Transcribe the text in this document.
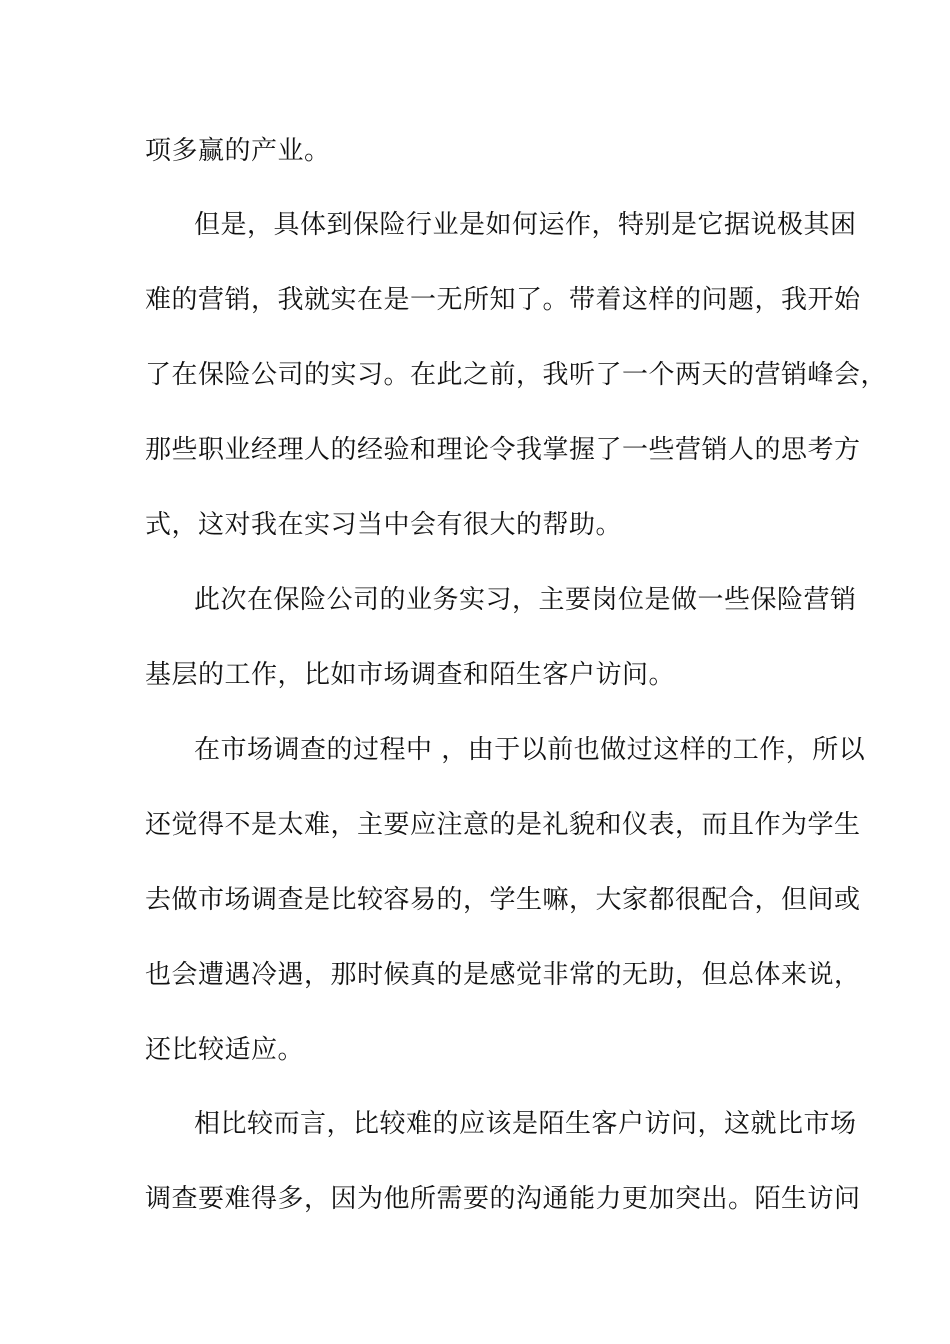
项多赢的产业。
但是，具体到保险行业是如何运作，特别是它据说极其困
难的营销，我就实在是一无所知了。带着这样的问题，我开始
了在保险公司的实习。在此之前，我听了一个两天的营销峰会，
那些职业经理人的经验和理论令我掌握了一些营销人的思考方
式，这对我在实习当中会有很大的帮助。
此次在保险公司的业务实习，主要岗位是做一些保险营销
基层的工作，比如市场调查和陌生客户访问。
在市场调查的过程中 ，由于以前也做过这样的工作，所以
还觉得不是太难，主要应注意的是礼貌和仪表，而且作为学生
去做市场调查是比较容易的，学生嘛，大家都很配合，但间或
也会遭遇冷遇，那时候真的是感觉非常的无助，但总体来说，
还比较适应。
相比较而言，比较难的应该是陌生客户访问，这就比市场
调查要难得多，因为他所需要的沟通能力更加突出。陌生访问
